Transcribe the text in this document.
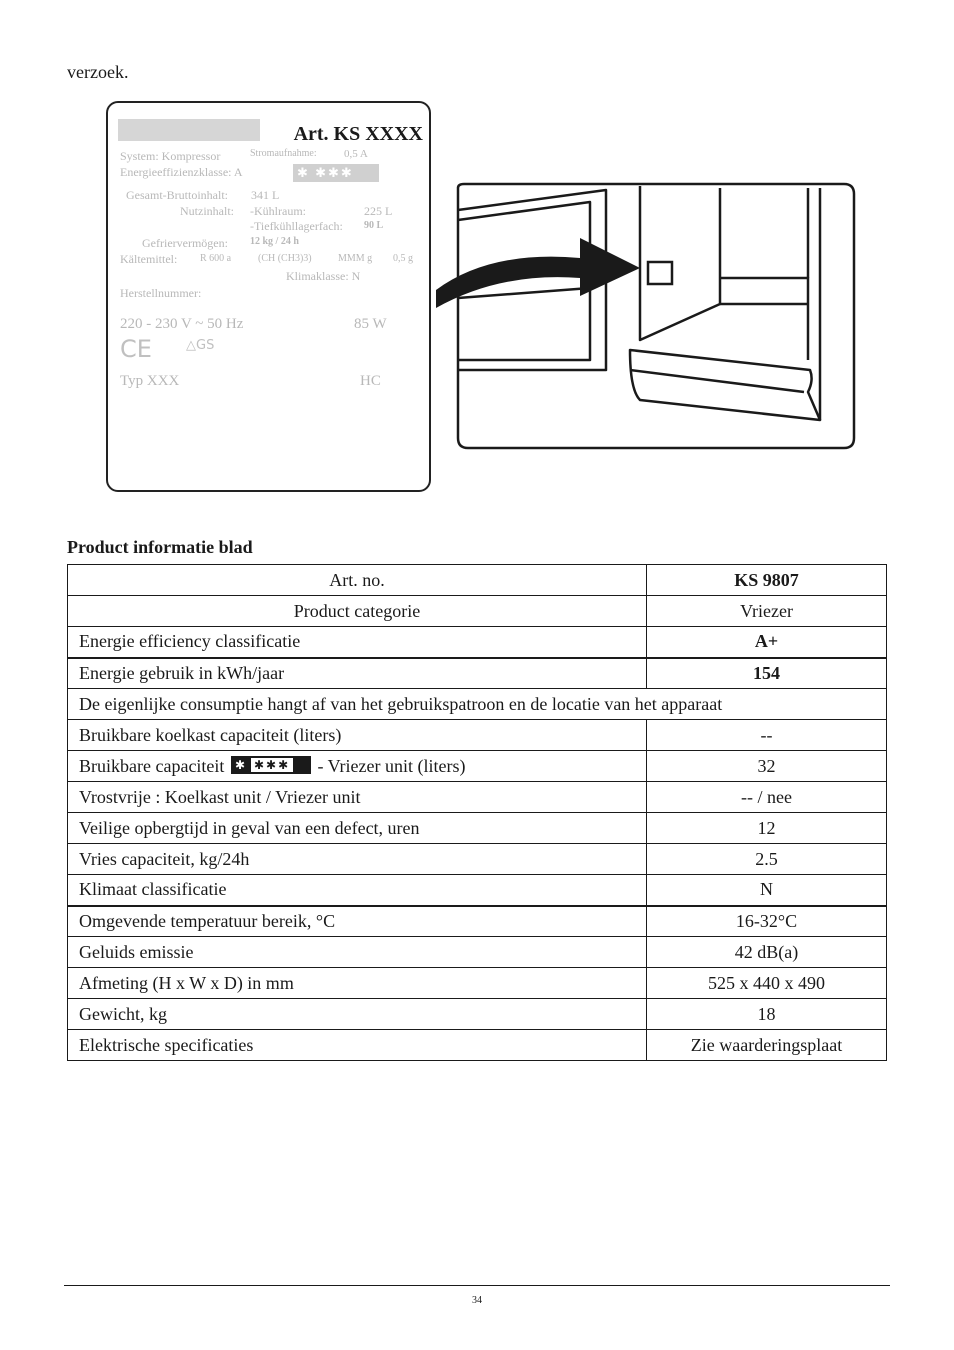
verzoek.
Art. KS XXXX
System: Kompressor	Stromaufnahme: 0,5 A
Energieeffizienzklasse: A	✱ ✱✱✱
Gesamt-Bruttoinhalt: 341 L
Nutzinhalt: -Kühlraum:	225 L
-Tiefkühllagerfach: 90 L
Gefriervermögen: 12 kg / 24 h
Kältemittel: R 600 a	(CH (CH3)3)	MMM g 0,5 g
Klimaklasse: N
Herstellnummer:
220 - 230 V ~ 50 Hz	85 W
CE	△GS
Typ XXX	HC
Product informatie blad
Art. no.	KS 9807
Product categorie	Vriezer
Energie efficiency classificatie	A+
Energie gebruik in kWh/jaar	154
De eigenlijke consumptie hangt af van het gebruikspatroon en de locatie van het apparaat	
Bruikbare koelkast capaciteit (liters)	--
Bruikbare capaciteit ✱ ✱✱✱ - Vriezer unit (liters)	32
Vrostvrije : Koelkast unit / Vriezer unit	-- / nee
Veilige opbergtijd in geval van een defect, uren	12
Vries capaciteit, kg/24h	2.5
Klimaat classificatie	N
Omgevende temperatuur bereik, °C	16-32°C
Geluids emissie	42 dB(a)
Afmeting (H x W x D) in mm	525 x 440 x 490
Gewicht, kg	18
Elektrische specificaties	Zie waarderingsplaat
34
